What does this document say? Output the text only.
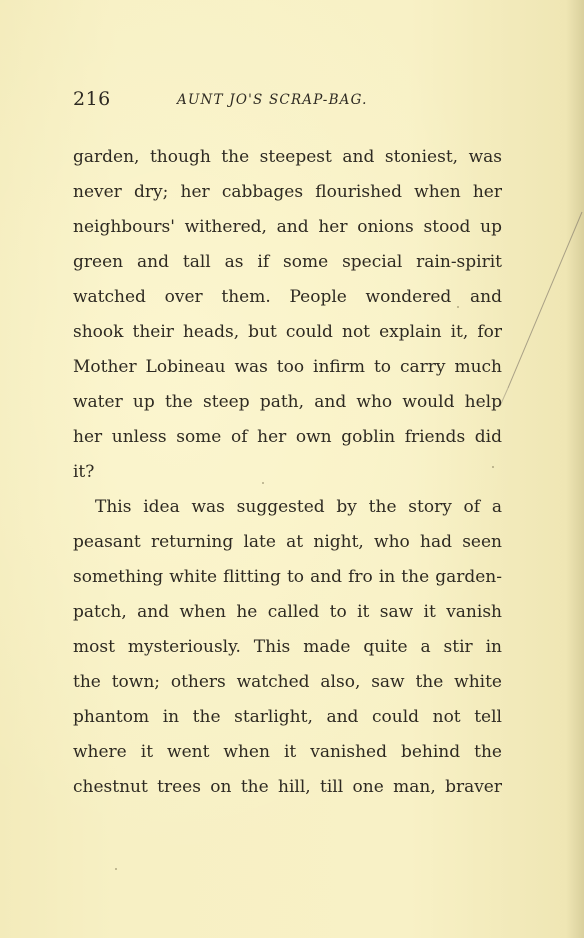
216	AUNT JO'S SCRAP-BAG.
garden, though the steepest and stoniest, was
never dry; her cabbages flourished when her
neighbours' withered, and her onions stood up
green and tall as if some special rain-spirit
watched over them. People wondered and
shook their heads, but could not explain it, for
Mother Lobineau was too infirm to carry much
water up the steep path, and who would help
her unless some of her own goblin friends did
it?
This idea was suggested by the story of a
peasant returning late at night, who had seen
something white flitting to and fro in the garden-
patch, and when he called to it saw it vanish
most mysteriously. This made quite a stir in
the town; others watched also, saw the white
phantom in the starlight, and could not tell
where it went when it vanished behind the
chestnut trees on the hill, till one man, braver
